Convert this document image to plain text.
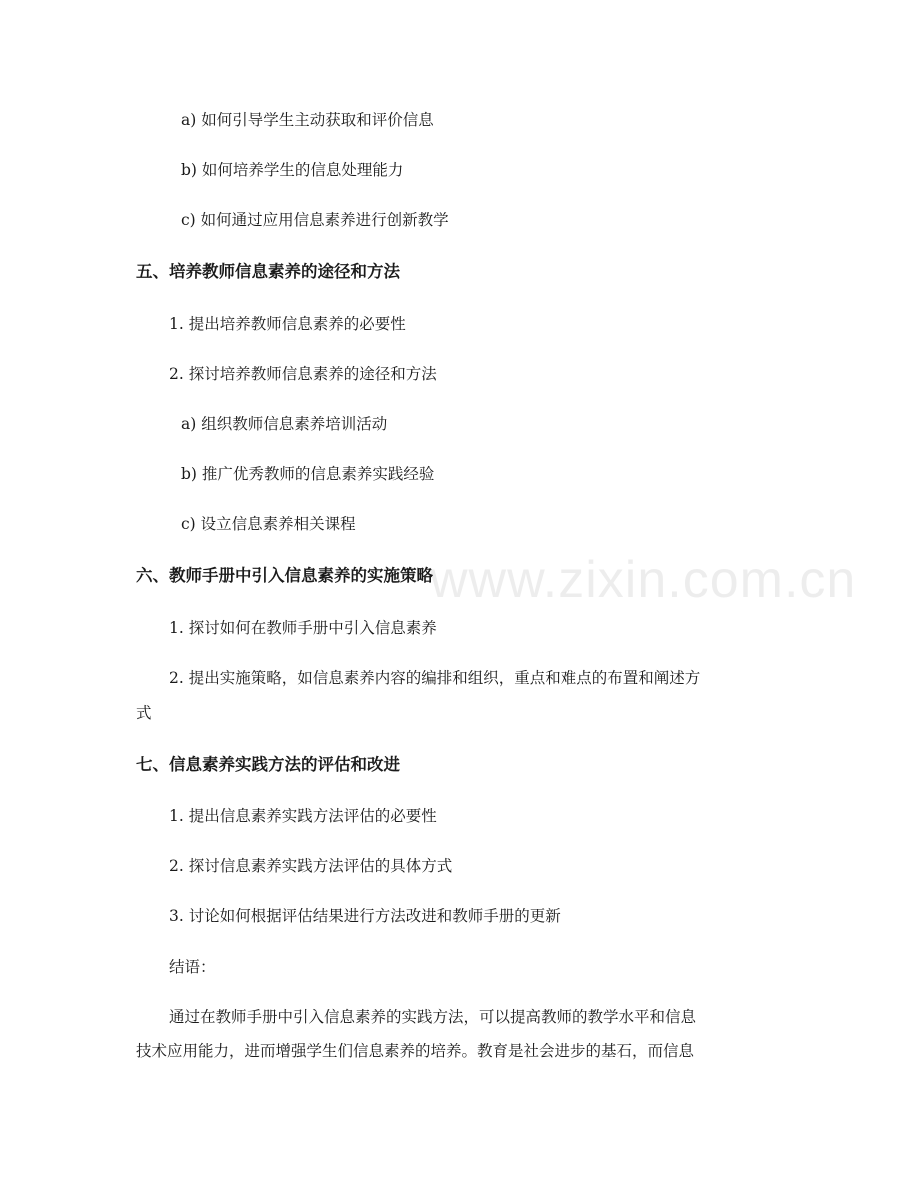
www.zixin.com.cn
a) 如何引导学生主动获取和评价信息
b) 如何培养学生的信息处理能力
c) 如何通过应用信息素养进行创新教学
五、培养教师信息素养的途径和方法
1. 提出培养教师信息素养的必要性
2. 探讨培养教师信息素养的途径和方法
a) 组织教师信息素养培训活动
b) 推广优秀教师的信息素养实践经验
c) 设立信息素养相关课程
六、教师手册中引入信息素养的实施策略
1. 探讨如何在教师手册中引入信息素养
2. 提出实施策略，如信息素养内容的编排和组织，重点和难点的布置和阐述方
式
七、信息素养实践方法的评估和改进
1. 提出信息素养实践方法评估的必要性
2. 探讨信息素养实践方法评估的具体方式
3. 讨论如何根据评估结果进行方法改进和教师手册的更新
结语：
通过在教师手册中引入信息素养的实践方法，可以提高教师的教学水平和信息
技术应用能力，进而增强学生们信息素养的培养。教育是社会进步的基石，而信息
